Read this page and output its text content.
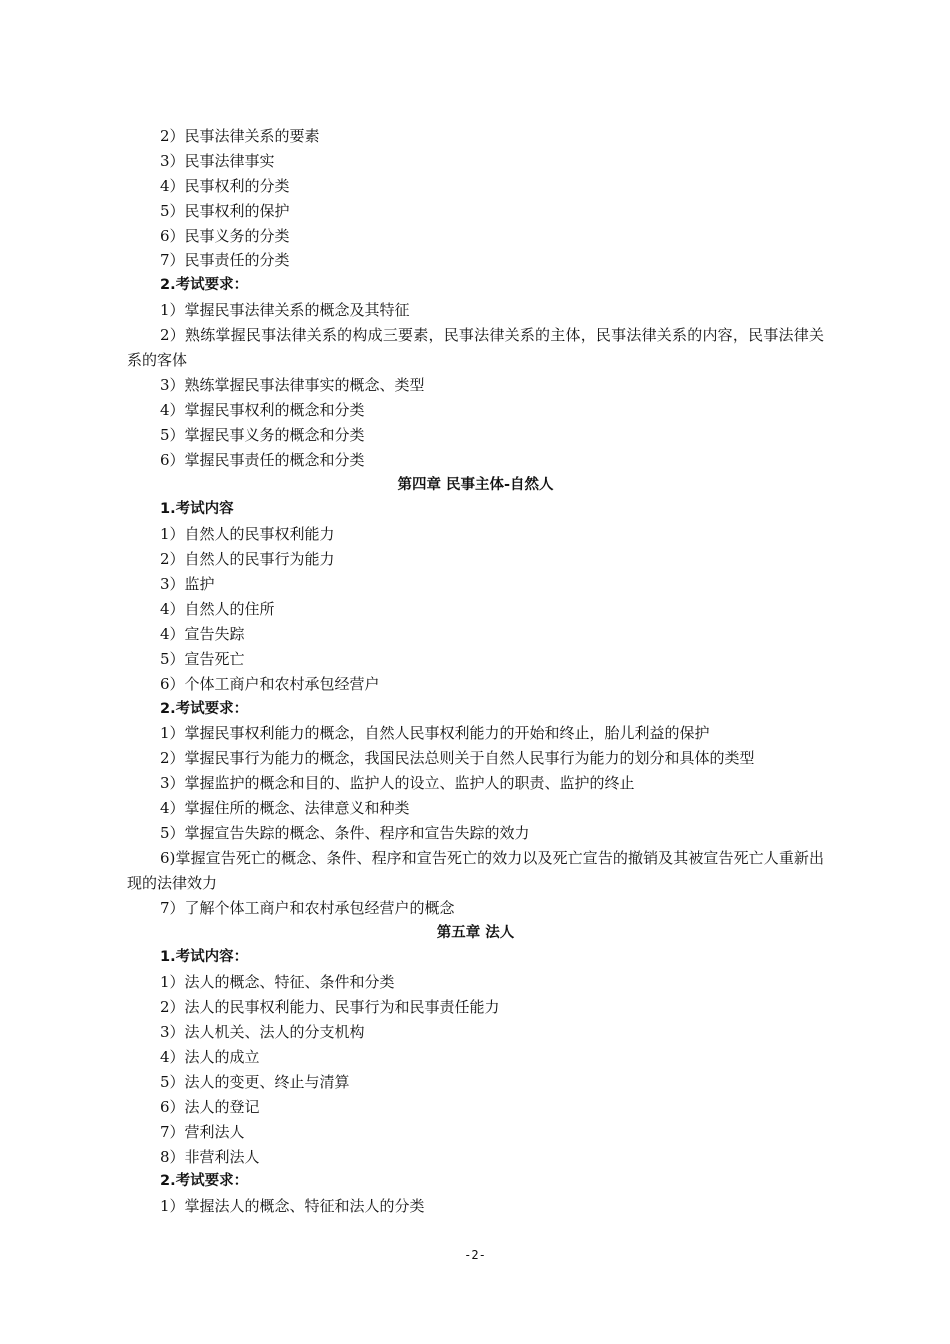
2）民事法律关系的要素
3）民事法律事实
4）民事权利的分类
5）民事权利的保护
6）民事义务的分类
7）民事责任的分类
2.考试要求：
1）掌握民事法律关系的概念及其特征
2）熟练掌握民事法律关系的构成三要素，民事法律关系的主体，民事法律关系的内容，民事法律关系的客体
3）熟练掌握民事法律事实的概念、类型
4）掌握民事权利的概念和分类
5）掌握民事义务的概念和分类
6）掌握民事责任的概念和分类
第四章 民事主体-自然人
1.考试内容
1）自然人的民事权利能力
2）自然人的民事行为能力
3）监护
4）自然人的住所
4）宣告失踪
5）宣告死亡
6）个体工商户和农村承包经营户
2.考试要求：
1）掌握民事权利能力的概念，自然人民事权利能力的开始和终止，胎儿利益的保护
2）掌握民事行为能力的概念，我国民法总则关于自然人民事行为能力的划分和具体的类型
3）掌握监护的概念和目的、监护人的设立、监护人的职责、监护的终止
4）掌握住所的概念、法律意义和种类
5）掌握宣告失踪的概念、条件、程序和宣告失踪的效力
6)掌握宣告死亡的概念、条件、程序和宣告死亡的效力以及死亡宣告的撤销及其被宣告死亡人重新出现的法律效力
7）了解个体工商户和农村承包经营户的概念
第五章 法人
1.考试内容：
1）法人的概念、特征、条件和分类
2）法人的民事权利能力、民事行为和民事责任能力
3）法人机关、法人的分支机构
4）法人的成立
5）法人的变更、终止与清算
6）法人的登记
7）营利法人
8）非营利法人
2.考试要求：
1）掌握法人的概念、特征和法人的分类
-2-
